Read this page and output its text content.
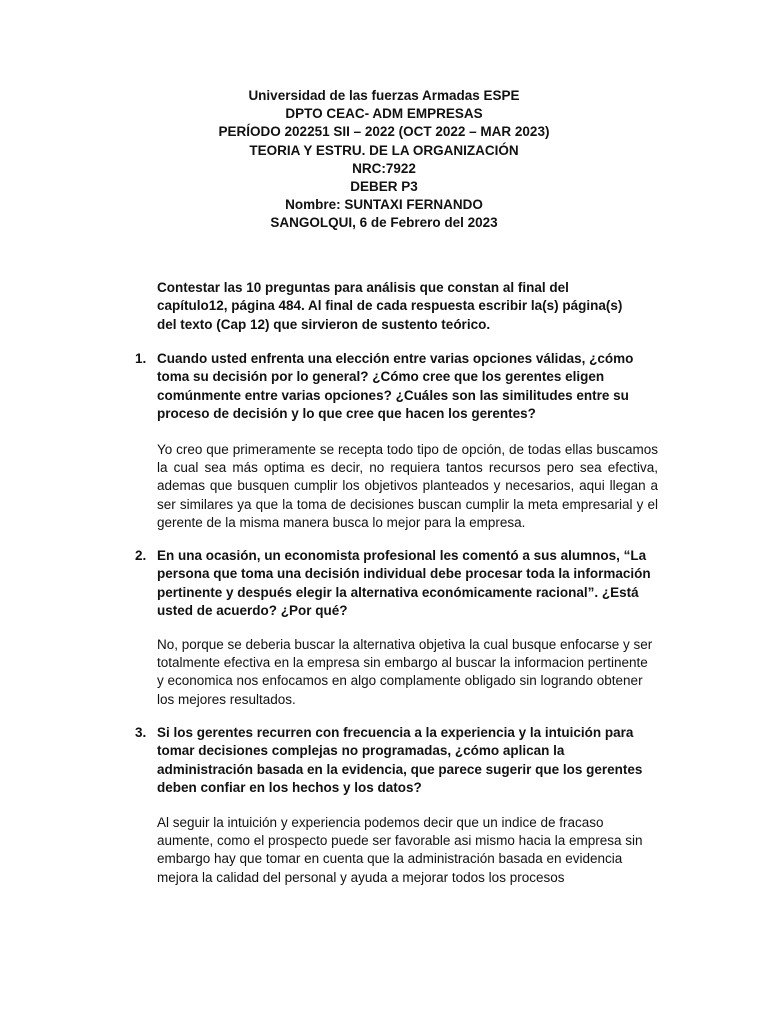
Universidad de las fuerzas Armadas ESPE
DPTO CEAC- ADM EMPRESAS
PERÍODO 202251 SII – 2022 (OCT 2022 – MAR 2023)
TEORIA Y ESTRU. DE LA ORGANIZACIÓN
NRC:7922
DEBER P3
Nombre: SUNTAXI FERNANDO
SANGOLQUI, 6 de Febrero del 2023
Contestar las 10 preguntas para análisis que constan al final del capítulo12, página 484. Al final de cada respuesta escribir la(s) página(s) del texto (Cap 12) que sirvieron de sustento teórico.
1. Cuando usted enfrenta una elección entre varias opciones válidas, ¿cómo toma su decisión por lo general? ¿Cómo cree que los gerentes eligen comúnmente entre varias opciones? ¿Cuáles son las similitudes entre su proceso de decisión y lo que cree que hacen los gerentes?
Yo creo que primeramente se recepta todo tipo de opción, de todas ellas buscamos la cual sea más optima es decir, no requiera tantos recursos pero sea efectiva, ademas que busquen cumplir los objetivos planteados y necesarios, aqui llegan a ser similares ya que la toma de decisiones buscan cumplir la meta empresarial y el gerente de la misma manera busca lo mejor para la empresa.
2. En una ocasión, un economista profesional les comentó a sus alumnos, “La persona que toma una decisión individual debe procesar toda la información pertinente y después elegir la alternativa económicamente racional”. ¿Está usted de acuerdo? ¿Por qué?
No, porque se deberia buscar la alternativa objetiva la cual busque enfocarse y ser totalmente efectiva en la empresa sin embargo al buscar la informacion pertinente y economica nos enfocamos en algo complamente obligado sin logrando obtener los mejores resultados.
3. Si los gerentes recurren con frecuencia a la experiencia y la intuición para tomar decisiones complejas no programadas, ¿cómo aplican la administración basada en la evidencia, que parece sugerir que los gerentes deben confiar en los hechos y los datos?
Al seguir la intuición y experiencia podemos decir que un indice de fracaso aumente, como el prospecto puede ser favorable asi mismo hacia la empresa sin embargo hay que tomar en cuenta que la administración basada en evidencia mejora la calidad del personal y ayuda a mejorar todos los procesos
